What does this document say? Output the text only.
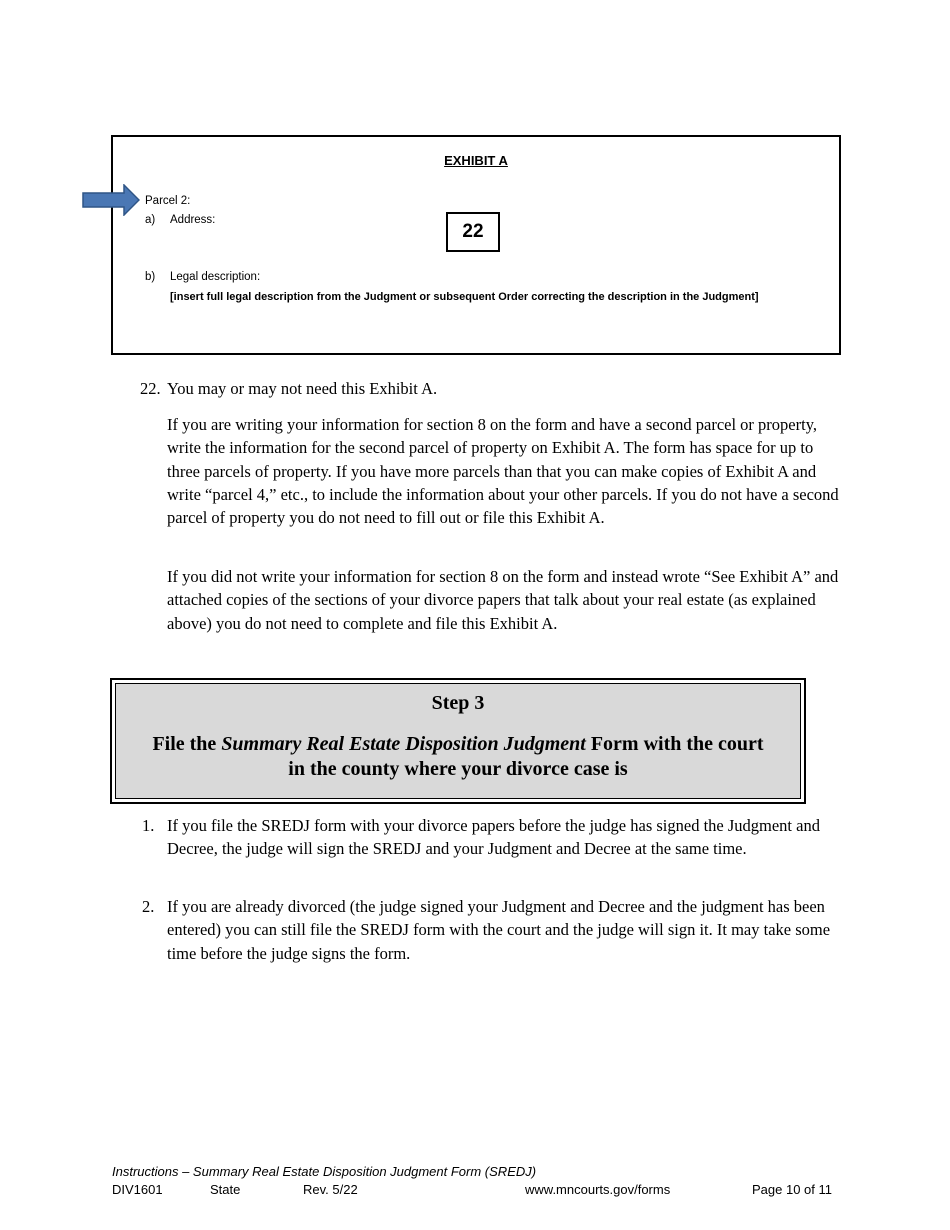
EXHIBIT A
Parcel 2:
a) Address:
b) Legal description:
[insert full legal description from the Judgment or subsequent Order correcting the description in the Judgment]
22
22. You may or may not need this Exhibit A.
If you are writing your information for section 8 on the form and have a second parcel or property, write the information for the second parcel of property on Exhibit A. The form has space for up to three parcels of property. If you have more parcels than that you can make copies of Exhibit A and write “parcel 4,” etc., to include the information about your other parcels. If you do not have a second parcel of property you do not need to fill out or file this Exhibit A.
If you did not write your information for section 8 on the form and instead wrote “See Exhibit A” and attached copies of the sections of your divorce papers that talk about your real estate (as explained above) you do not need to complete and file this Exhibit A.
Step 3
File the Summary Real Estate Disposition Judgment Form with the court
in the county where your divorce case is
1. If you file the SREDJ form with your divorce papers before the judge has signed the Judgment and Decree, the judge will sign the SREDJ and your Judgment and Decree at the same time.
2. If you are already divorced (the judge signed your Judgment and Decree and the judgment has been entered) you can still file the SREDJ form with the court and the judge will sign it. It may take some time before the judge signs the form.
Instructions – Summary Real Estate Disposition Judgment Form (SREDJ)
DIV1601	State	Rev. 5/22	www.mncourts.gov/forms	Page 10 of 11
